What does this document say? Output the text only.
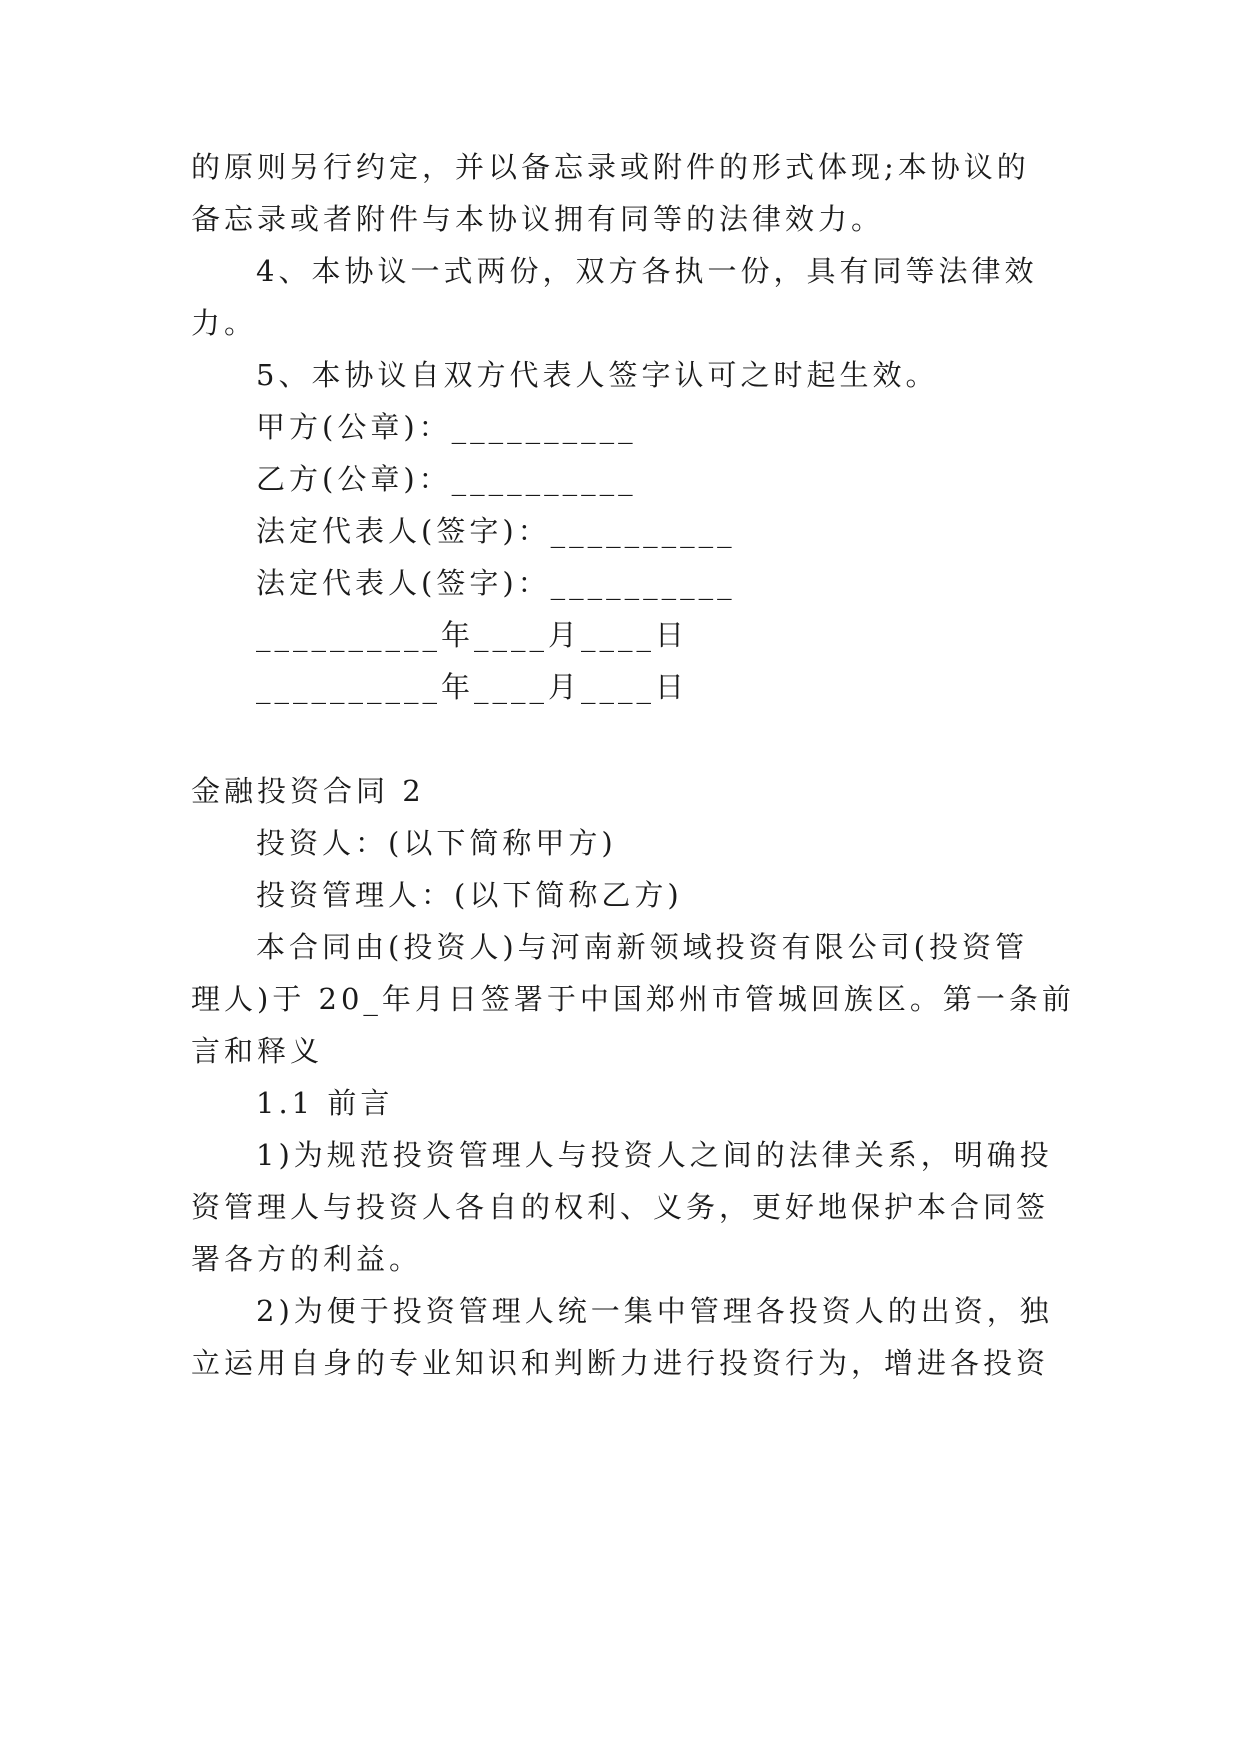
的原则另行约定，并以备忘录或附件的形式体现;本协议的
备忘录或者附件与本协议拥有同等的法律效力。
4、本协议一式两份，双方各执一份，具有同等法律效
力。
5、本协议自双方代表人签字认可之时起生效。
甲方(公章)：__________
乙方(公章)：__________
法定代表人(签字)：__________
法定代表人(签字)：__________
__________年____月____日
__________年____月____日
金融投资合同 2
投资人：(以下简称甲方)
投资管理人：(以下简称乙方)
本合同由(投资人)与河南新领域投资有限公司(投资管
理人)于 20_年月日签署于中国郑州市管城回族区。第一条前
言和释义
1.1 前言
1)为规范投资管理人与投资人之间的法律关系，明确投
资管理人与投资人各自的权利、义务，更好地保护本合同签
署各方的利益。
2)为便于投资管理人统一集中管理各投资人的出资，独
立运用自身的专业知识和判断力进行投资行为，增进各投资
